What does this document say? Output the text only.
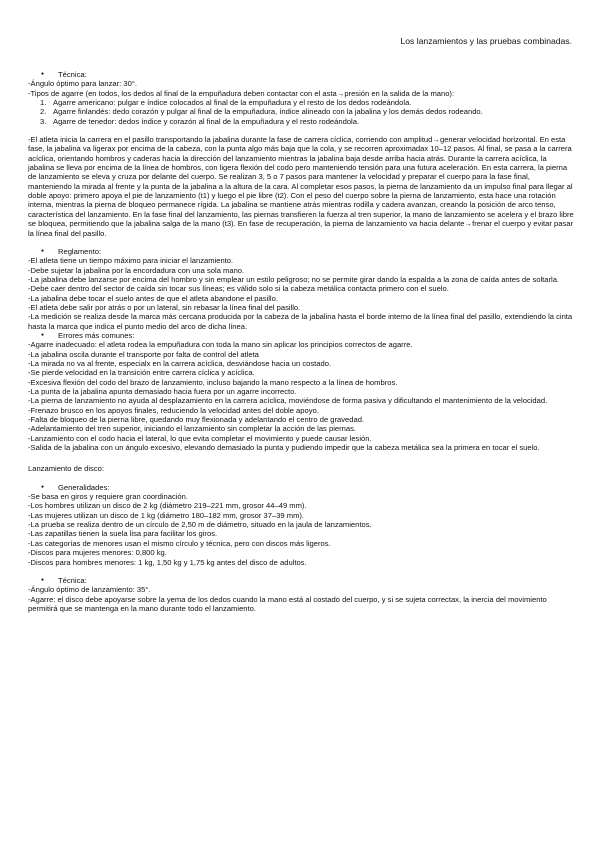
Los lanzamientos y las pruebas combinadas.

● Técnica:

-Ángulo óptimo para lanzar: 30°.

-Tipos de agarre (en todos, los dedos al final de la empuñadura deben contactar con el asta→presión en la salida de la mano):

1. Agarre americano: pulgar e índice colocados al final de la empuñadura y el resto de los dedos rodeándola.

2. Agarre finlandés: dedo corazón y pulgar al final de la empuñadura, índice alineado con la jabalina y los demás dedos rodeando.

3. Agarre de tenedor: dedos índice y corazón al final de la empuñadura y el resto rodeándola.

-El atleta inicia la carrera en el pasillo transportando la jabalina durante la fase de carrera cíclica, corriendo con amplitud→generar velocidad horizontal. En esta fase, la jabalina va ligerax por encima de la cabeza, con la punta algo más baja que la cola, y se recorren aproximadax 10–12 pasos. Al final, se pasa a la carrera acíclica, orientando hombros y caderas hacia la dirección del lanzamiento mientras la jabalina baja desde arriba hacia atrás. Durante la carrera acíclica, la jabalina se lleva por encima de la línea de hombros, con ligera flexión del codo pero manteniendo tensión para una futura aceleración. En esta carrera, la pierna de lanzamiento se eleva y cruza por delante del cuerpo. Se realizan 3, 5 o 7 pasos para mantener la velocidad y preparar el cuerpo para la fase final, manteniendo la mirada al frente y la punta de la jabalina a la altura de la cara. Al completar esos pasos, la pierna de lanzamiento da un impulso final para llegar al doble apoyo: primero apoya el pie de lanzamiento (t1) y luego el pie libre (t2). Con el peso del cuerpo sobre la pierna de lanzamiento, esta hace una rotación interna, mientras la pierna de bloqueo permanece rígida. La jabalina se mantiene atrás mientras rodilla y cadera avanzan, creando la posición de arco tenso, característica del lanzamiento. En la fase final del lanzamiento, las piernas transfieren la fuerza al tren superior, la mano de lanzamiento se acelera y el brazo libre se bloquea, permitiendo que la jabalina salga de la mano (t3). En fase de recuperación, la pierna de lanzamiento va hacia delante→frenar el cuerpo y evitar pasar la línea final del pasillo.

● Reglamento:

-El atleta tiene un tiempo máximo para iniciar el lanzamiento.

-Debe sujetar la jabalina por la encordadura con una sola mano.

-La jabalina debe lanzarse por encima del hombro y sin emplear un estilo peligroso; no se permite girar dando la espalda a la zona de caída antes de soltarla.

-Debe caer dentro del sector de caída sin tocar sus líneas; es válido solo si la cabeza metálica contacta primero con el suelo.

-La jabalina debe tocar el suelo antes de que el atleta abandone el pasillo.

-El atleta debe salir por atrás o por un lateral, sin rebasar la línea final del pasillo.

-La medición se realiza desde la marca más cercana producida por la cabeza de la jabalina hasta el borde interno de la línea final del pasillo, extendiendo la cinta hasta la marca que indica el punto medio del arco de dicha línea.

● Errores más comunes:

-Agarre inadecuado: el atleta rodea la empuñadura con toda la mano sin aplicar los principios correctos de agarre.

-La jabalina oscila durante el transporte por falta de control del atleta

-La mirada no va al frente, especialx en la carrera acíclica, desviándose hacia un costado.

-Se pierde velocidad en la transición entre carrera cíclica y acíclica.

-Excesiva flexión del codo del brazo de lanzamiento, incluso bajando la mano respecto a la línea de hombros.

-La punta de la jabalina apunta demasiado hacia fuera por un agarre incorrecto.

-La pierna de lanzamiento no ayuda al desplazamiento en la carrera acíclica, moviéndose de forma pasiva y dificultando el mantenimiento de la velocidad.

-Frenazo brusco en los apoyos finales, reduciendo la velocidad antes del doble apoyo.

-Falta de bloqueo de la pierna libre, quedando muy flexionada y adelantando el centro de gravedad.

-Adelantamiento del tren superior, iniciando el lanzamiento sin completar la acción de las piernas.

-Lanzamiento con el codo hacia el lateral, lo que evita completar el movimiento y puede causar lesión.

-Salida de la jabalina con un ángulo excesivo, elevando demasiado la punta y pudiendo impedir que la cabeza metálica sea la primera en tocar el suelo.

Lanzamiento de disco:

● Generalidades:

-Se basa en giros y requiere gran coordinación.

-Los hombres utilizan un disco de 2 kg (diámetro 219–221 mm, grosor 44–49 mm).

-Las mujeres utilizan un disco de 1 kg (diámetro 180–182 mm, grosor 37–39 mm).

-La prueba se realiza dentro de un círculo de 2,50 m de diámetro, situado en la jaula de lanzamientos.

-Las zapatillas tienen la suela lisa para facilitar los giros.

-Las categorías de menores usan el mismo círculo y técnica, pero con discos más ligeros.

-Discos para mujeres menores: 0,800 kg.

-Discos para hombres menores: 1 kg, 1,50 kg y 1,75 kg antes del disco de adultos.

● Técnica:

-Ángulo óptimo de lanzamiento: 35°.

-Agarre: el disco debe apoyarse sobre la yema de los dedos cuando la mano está al costado del cuerpo, y si se sujeta correctax, la inercia del movimiento permitirá que se mantenga en la mano durante todo el lanzamiento.
